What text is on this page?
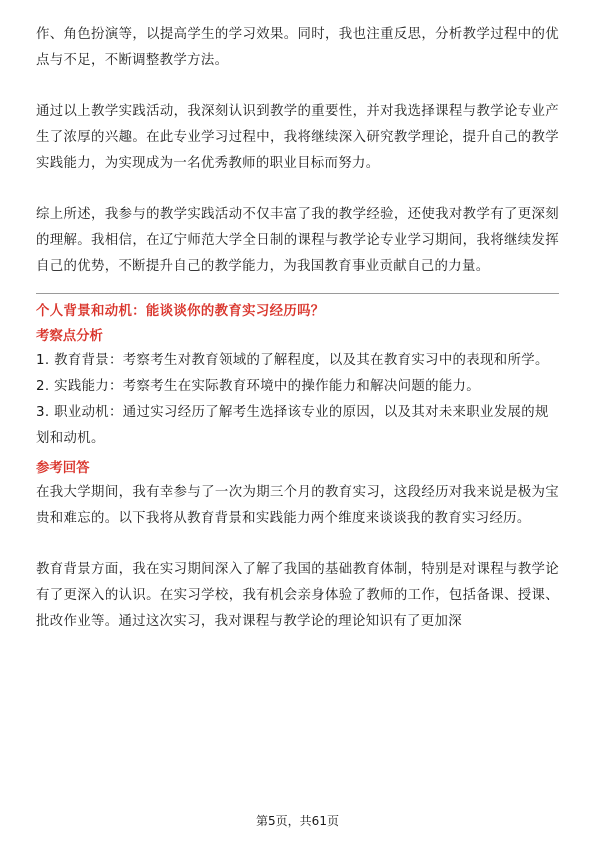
作、角色扮演等，以提高学生的学习效果。同时，我也注重反思，分析教学过程中的优点与不足，不断调整教学方法。

通过以上教学实践活动，我深刻认识到教学的重要性，并对我选择课程与教学论专业产生了浓厚的兴趣。在此专业学习过程中，我将继续深入研究教学理论，提升自己的教学实践能力，为实现成为一名优秀教师的职业目标而努力。

综上所述，我参与的教学实践活动不仅丰富了我的教学经验，还使我对教学有了更深刻的理解。我相信，在辽宁师范大学全日制的课程与教学论专业学习期间，我将继续发挥自己的优势，不断提升自己的教学能力，为我国教育事业贡献自己的力量。

个人背景和动机：能谈谈你的教育实习经历吗？
考察点分析

1. 教育背景：考察考生对教育领域的了解程度，以及其在教育实习中的表现和所学。

2. 实践能力：考察考生在实际教育环境中的操作能力和解决问题的能力。

3. 职业动机：通过实习经历了解考生选择该专业的原因，以及其对未来职业发展的规划和动机。

参考回答

在我大学期间，我有幸参与了一次为期三个月的教育实习，这段经历对我来说是极为宝贵和难忘的。以下我将从教育背景和实践能力两个维度来谈谈我的教育实习经历。

教育背景方面，我在实习期间深入了解了我国的基础教育体制，特别是对课程与教学论有了更深入的认识。在实习学校，我有机会亲身体验了教师的工作，包括备课、授课、批改作业等。通过这次实习，我对课程与教学论的理论知识有了更加深

第5页，共61页
